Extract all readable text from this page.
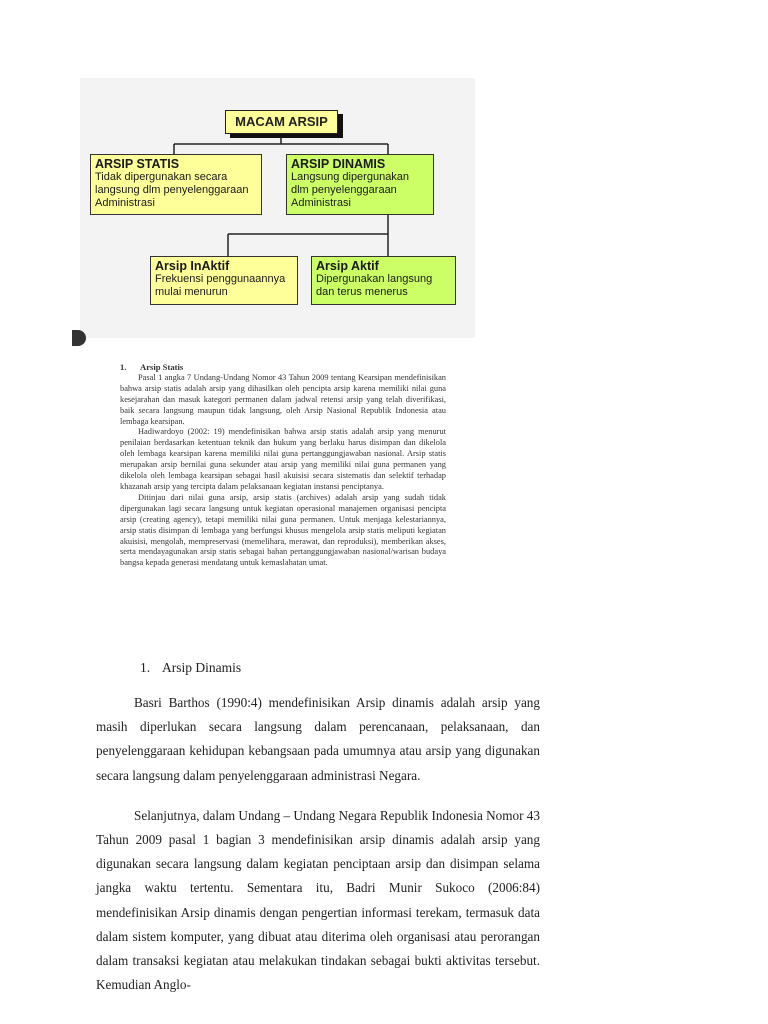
MACAM ARSIP
ARSIP STATIS
Tidak dipergunakan secara
langsung dlm penyelenggaraan
Administrasi
ARSIP DINAMIS
Langsung dipergunakan
dlm penyelenggaraan
Administrasi
Arsip InAktif
Frekuensi penggunaannya
mulai menurun
Arsip Aktif
Dipergunakan langsung
dan terus menerus
1. Arsip Statis

Pasal 1 angka 7 Undang-Undang Nomor 43 Tahun 2009 tentang Kearsipan mendefinisikan bahwa arsip statis adalah arsip yang dihasilkan oleh pencipta arsip karena memiliki nilai guna kesejarahan dan masuk kategori permanen dalam jadwal retensi arsip yang telah diverifikasi, baik secara langsung maupun tidak langsung, oleh Arsip Nasional Republik Indonesia atau lembaga kearsipan.

Hadiwardoyo (2002: 19) mendefinisikan bahwa arsip statis adalah arsip yang menurut penilaian berdasarkan ketentuan teknik dan hukum yang berlaku harus disimpan dan dikelola oleh lembaga kearsipan karena memiliki nilai guna pertanggungjawaban nasional. Arsip statis merupakan arsip bernilai guna sekunder atau arsip yang memiliki nilai guna permanen yang dikelola oleh lembaga kearsipan sebagai hasil akuisisi secara sistematis dan selektif terhadap khazanah arsip yang tercipta dalam pelaksanaan kegiatan instansi penciptanya.

Ditinjau dari nilai guna arsip, arsip statis (archives) adalah arsip yang sudah tidak dipergunakan lagi secara langsung untuk kegiatan operasional manajemen organisasi pencipta arsip (creating agency), tetapi memiliki nilai guna permanen. Untuk menjaga kelestariannya, arsip statis disimpan di lembaga yang berfungsi khusus mengelola arsip statis meliputi kegiatan akuisisi, mengolah, mempreservasi (memelihara, merawat, dan reproduksi), memberikan akses, serta mendayagunakan arsip statis sebagai bahan pertanggungjawaban nasional/warisan budaya bangsa kepada generasi mendatang untuk kemaslahatan umat.

1. Arsip Dinamis

Basri Barthos (1990:4) mendefinisikan Arsip dinamis adalah arsip yang masih diperlukan secara langsung dalam perencanaan, pelaksanaan, dan penyelenggaraan kehidupan kebangsaan pada umumnya atau arsip yang digunakan secara langsung dalam penyelenggaraan administrasi Negara.

Selanjutnya, dalam Undang – Undang Negara Republik Indonesia Nomor 43 Tahun 2009 pasal 1 bagian 3 mendefinisikan arsip dinamis adalah arsip yang digunakan secara langsung dalam kegiatan penciptaan arsip dan disimpan selama jangka waktu tertentu. Sementara itu, Badri Munir Sukoco (2006:84) mendefinisikan Arsip dinamis dengan pengertian informasi terekam, termasuk data dalam sistem komputer, yang dibuat atau diterima oleh organisasi atau perorangan dalam transaksi kegiatan atau melakukan tindakan sebagai bukti aktivitas tersebut. Kemudian Anglo-
